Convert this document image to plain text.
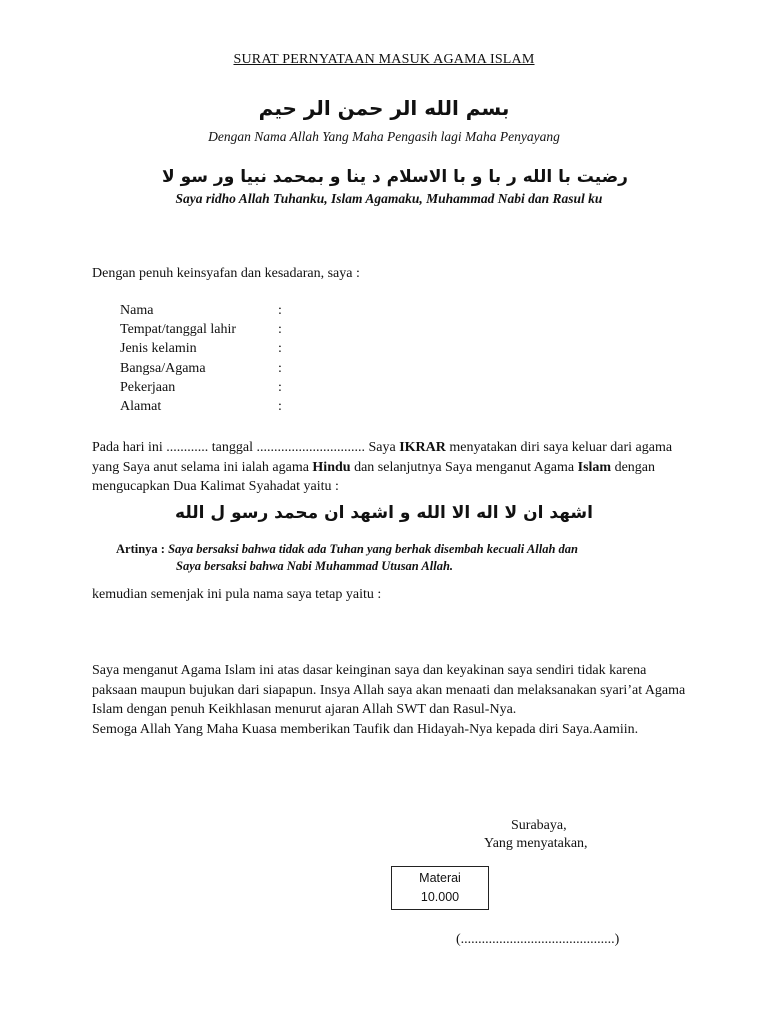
SURAT PERNYATAAN MASUK AGAMA ISLAM
بسم الله الر حمن الر حيم
Dengan Nama Allah Yang Maha Pengasih lagi Maha Penyayang
رضيت با الله ر با و با الاسلام د ينا و بمحمد نبيا ور سو لا
Saya ridho Allah Tuhanku, Islam Agamaku, Muhammad Nabi dan Rasul ku
Dengan penuh keinsyafan dan kesadaran, saya :
Nama	:
Tempat/tanggal lahir	:
Jenis kelamin	:
Bangsa/Agama	:
Pekerjaan	:
Alamat	:
Pada hari ini ............ tanggal ............................... Saya IKRAR menyatakan diri saya keluar dari agama yang Saya anut selama ini ialah agama Hindu dan selanjutnya Saya menganut Agama Islam dengan mengucapkan Dua Kalimat Syahadat yaitu :
اشهد ان لا اله الا الله و اشهد ان محمد رسو ل الله
Artinya : Saya bersaksi bahwa tidak ada Tuhan yang berhak disembah kecuali Allah dan
Saya bersaksi bahwa Nabi Muhammad Utusan Allah.
kemudian semenjak ini pula nama saya tetap yaitu :
Saya menganut Agama Islam ini atas dasar keinginan saya dan keyakinan saya sendiri tidak karena paksaan maupun bujukan dari siapapun. Insya Allah saya akan menaati dan melaksanakan syari’at Agama Islam dengan penuh Keikhlasan menurut ajaran Allah SWT dan Rasul-Nya.
Semoga Allah Yang Maha Kuasa memberikan Taufik dan Hidayah-Nya kepada diri Saya.Aamiin.
Surabaya,
Yang menyatakan,
Materai
10.000
(............................................)
